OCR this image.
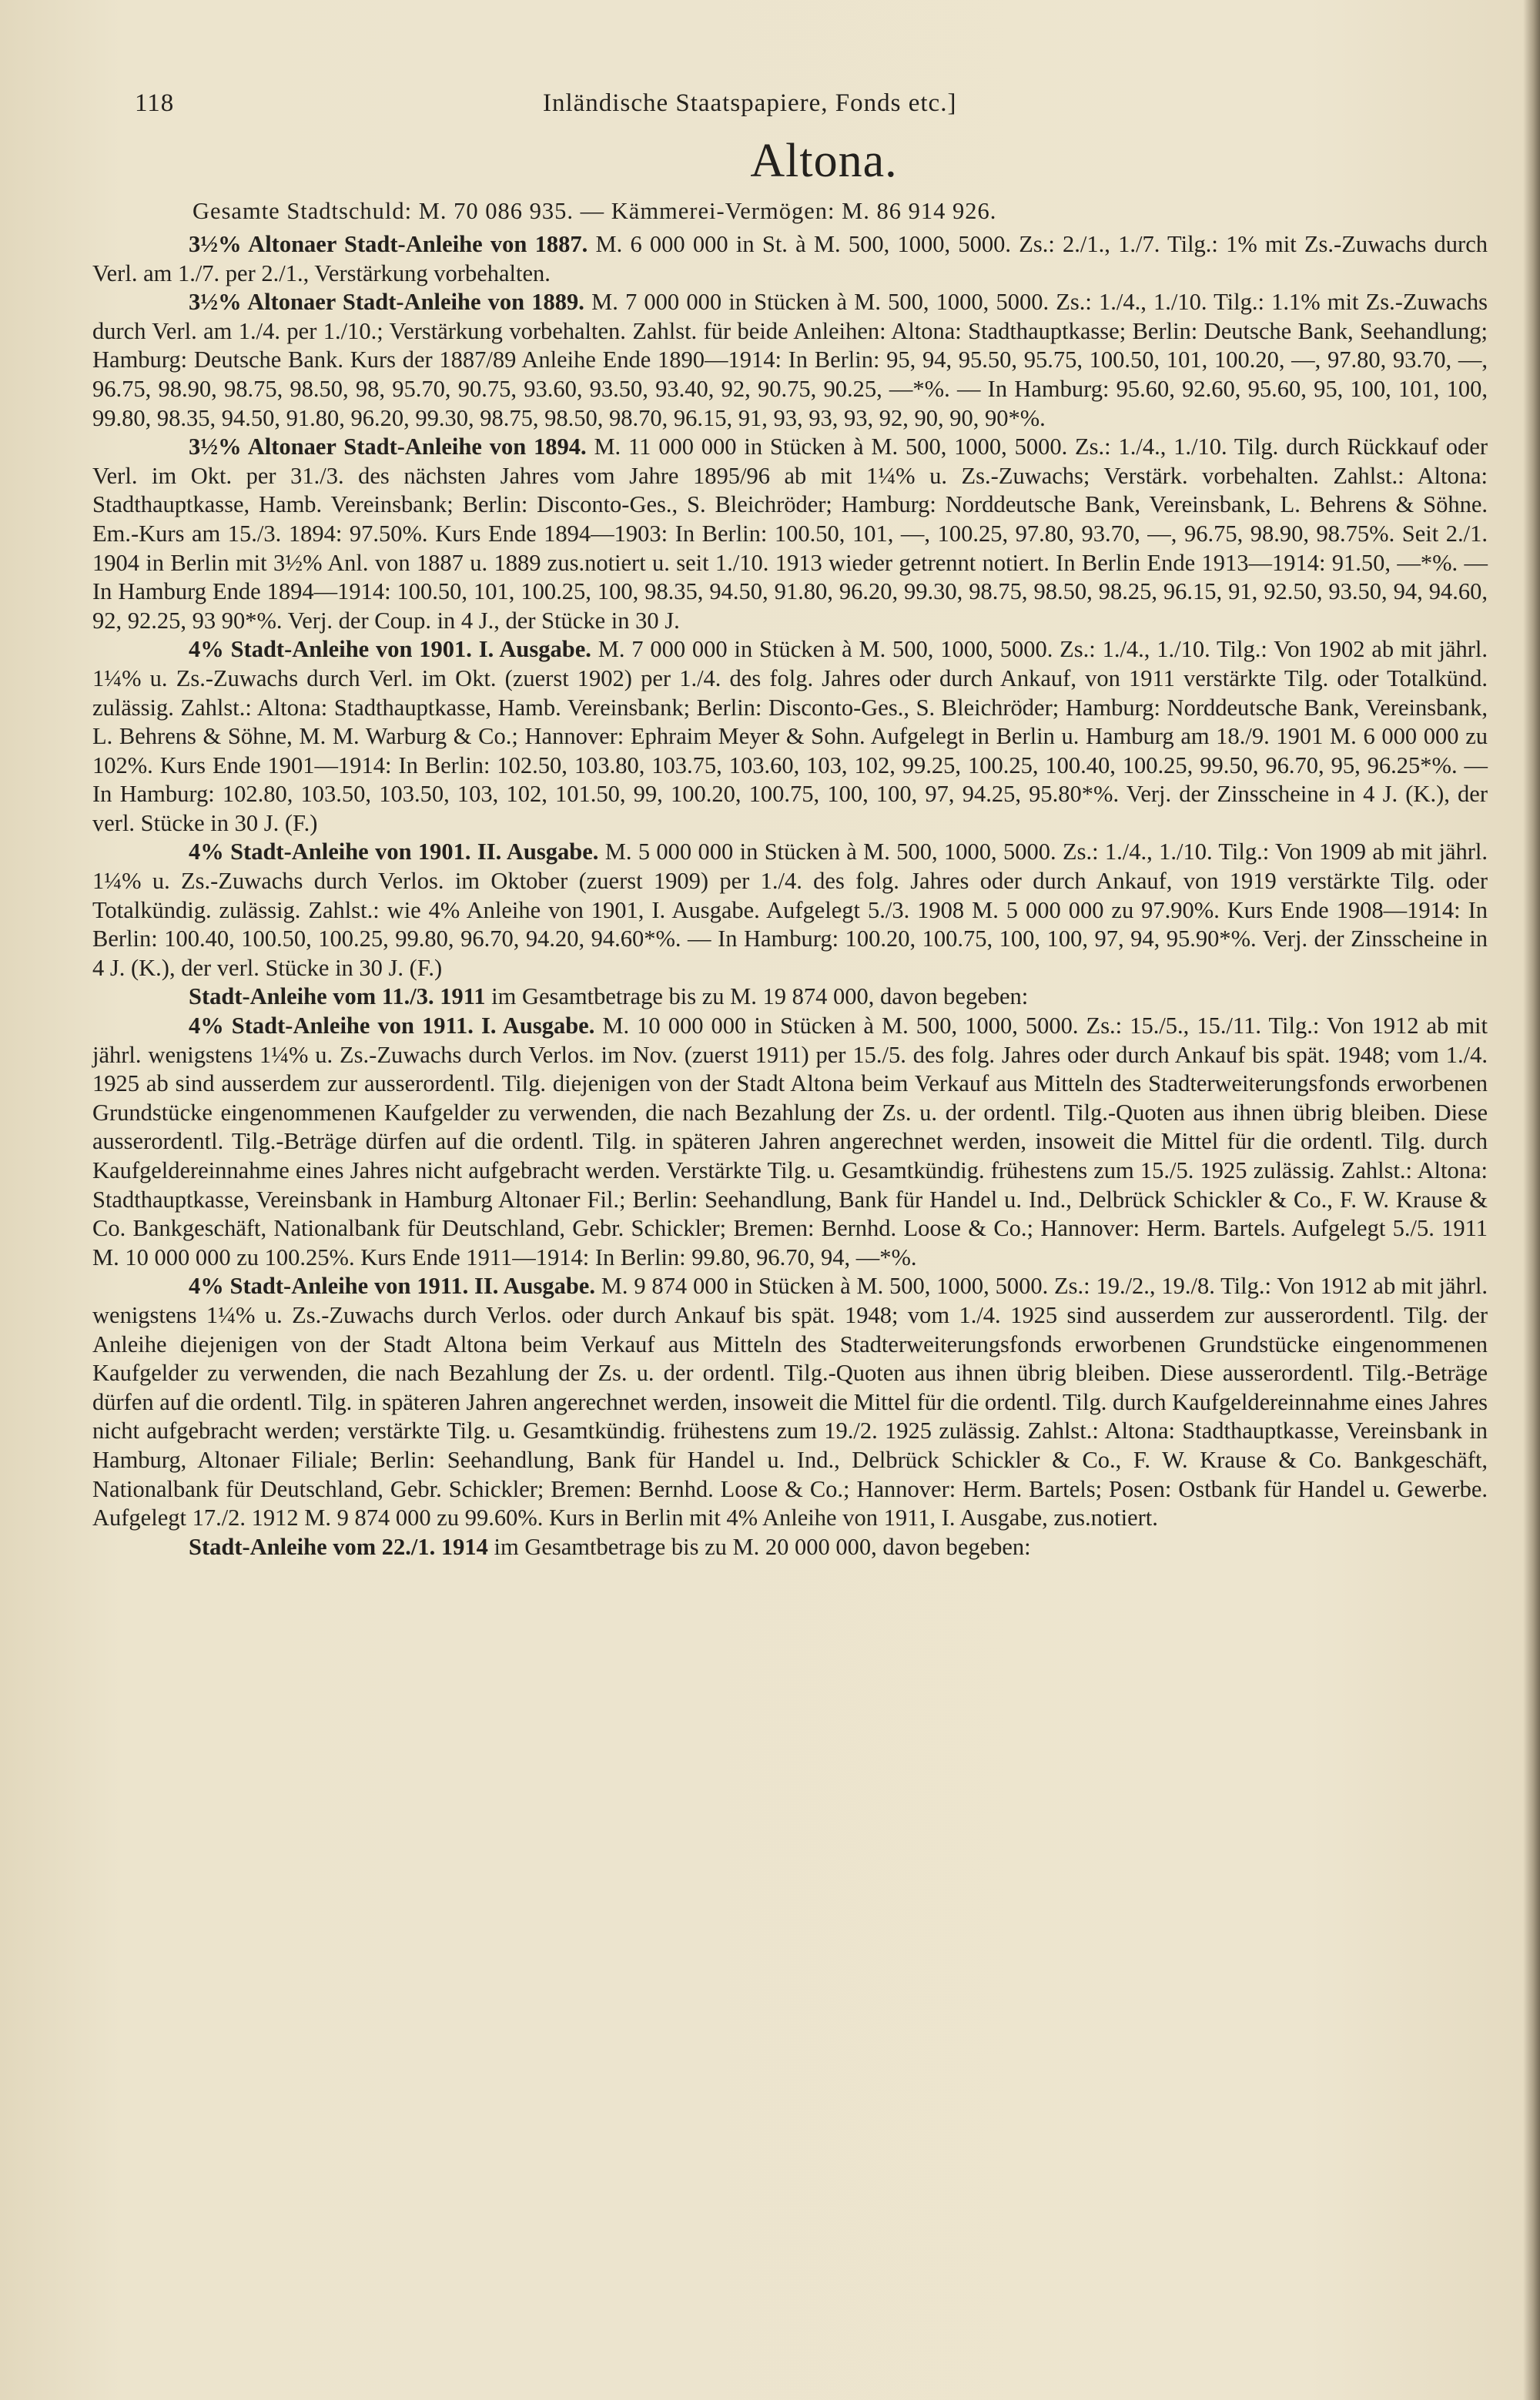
118	Inländische Staatspapiere, Fonds etc.]
Altona.

Gesamte Stadtschuld: M. 70 086 935. — Kämmerei-Vermögen: M. 86 914 926.

3½% Altonaer Stadt-Anleihe von 1887. M. 6 000 000 in St. à M. 500, 1000, 5000. Zs.: 2./1., 1./7. Tilg.: 1% mit Zs.-Zuwachs durch Verl. am 1./7. per 2./1., Verstärkung vorbehalten.

3½% Altonaer Stadt-Anleihe von 1889. M. 7 000 000 in Stücken à M. 500, 1000, 5000. Zs.: 1./4., 1./10. Tilg.: 1.1% mit Zs.-Zuwachs durch Verl. am 1./4. per 1./10.; Verstärkung vorbehalten. Zahlst. für beide Anleihen: Altona: Stadthauptkasse; Berlin: Deutsche Bank, Seehandlung; Hamburg: Deutsche Bank. Kurs der 1887/89 Anleihe Ende 1890—1914: In Berlin: 95, 94, 95.50, 95.75, 100.50, 101, 100.20, —, 97.80, 93.70, —, 96.75, 98.90, 98.75, 98.50, 98, 95.70, 90.75, 93.60, 93.50, 93.40, 92, 90.75, 90.25, —*%. — In Hamburg: 95.60, 92.60, 95.60, 95, 100, 101, 100, 99.80, 98.35, 94.50, 91.80, 96.20, 99.30, 98.75, 98.50, 98.70, 96.15, 91, 93, 93, 93, 92, 90, 90, 90*%.

3½% Altonaer Stadt-Anleihe von 1894. M. 11 000 000 in Stücken à M. 500, 1000, 5000. Zs.: 1./4., 1./10. Tilg. durch Rückkauf oder Verl. im Okt. per 31./3. des nächsten Jahres vom Jahre 1895/96 ab mit 1¼% u. Zs.-Zuwachs; Verstärk. vorbehalten. Zahlst.: Altona: Stadthauptkasse, Hamb. Vereinsbank; Berlin: Disconto-Ges., S. Bleichröder; Hamburg: Norddeutsche Bank, Vereinsbank, L. Behrens & Söhne. Em.-Kurs am 15./3. 1894: 97.50%. Kurs Ende 1894—1903: In Berlin: 100.50, 101, —, 100.25, 97.80, 93.70, —, 96.75, 98.90, 98.75%. Seit 2./1. 1904 in Berlin mit 3½% Anl. von 1887 u. 1889 zus.notiert u. seit 1./10. 1913 wieder getrennt notiert. In Berlin Ende 1913—1914: 91.50, —*%. — In Hamburg Ende 1894—1914: 100.50, 101, 100.25, 100, 98.35, 94.50, 91.80, 96.20, 99.30, 98.75, 98.50, 98.25, 96.15, 91, 92.50, 93.50, 94, 94.60, 92, 92.25, 93 90*%. Verj. der Coup. in 4 J., der Stücke in 30 J.

4% Stadt-Anleihe von 1901. I. Ausgabe. M. 7 000 000 in Stücken à M. 500, 1000, 5000. Zs.: 1./4., 1./10. Tilg.: Von 1902 ab mit jährl. 1¼% u. Zs.-Zuwachs durch Verl. im Okt. (zuerst 1902) per 1./4. des folg. Jahres oder durch Ankauf, von 1911 verstärkte Tilg. oder Totalkünd. zulässig. Zahlst.: Altona: Stadthauptkasse, Hamb. Vereinsbank; Berlin: Disconto-Ges., S. Bleichröder; Hamburg: Norddeutsche Bank, Vereinsbank, L. Behrens & Söhne, M. M. Warburg & Co.; Hannover: Ephraim Meyer & Sohn. Aufgelegt in Berlin u. Hamburg am 18./9. 1901 M. 6 000 000 zu 102%. Kurs Ende 1901—1914: In Berlin: 102.50, 103.80, 103.75, 103.60, 103, 102, 99.25, 100.25, 100.40, 100.25, 99.50, 96.70, 95, 96.25*%. — In Hamburg: 102.80, 103.50, 103.50, 103, 102, 101.50, 99, 100.20, 100.75, 100, 100, 97, 94.25, 95.80*%. Verj. der Zinsscheine in 4 J. (K.), der verl. Stücke in 30 J. (F.)

4% Stadt-Anleihe von 1901. II. Ausgabe. M. 5 000 000 in Stücken à M. 500, 1000, 5000. Zs.: 1./4., 1./10. Tilg.: Von 1909 ab mit jährl. 1¼% u. Zs.-Zuwachs durch Verlos. im Oktober (zuerst 1909) per 1./4. des folg. Jahres oder durch Ankauf, von 1919 verstärkte Tilg. oder Totalkündig. zulässig. Zahlst.: wie 4% Anleihe von 1901, I. Ausgabe. Aufgelegt 5./3. 1908 M. 5 000 000 zu 97.90%. Kurs Ende 1908—1914: In Berlin: 100.40, 100.50, 100.25, 99.80, 96.70, 94.20, 94.60*%. — In Hamburg: 100.20, 100.75, 100, 100, 97, 94, 95.90*%. Verj. der Zinsscheine in 4 J. (K.), der verl. Stücke in 30 J. (F.)

Stadt-Anleihe vom 11./3. 1911 im Gesamtbetrage bis zu M. 19 874 000, davon begeben:

4% Stadt-Anleihe von 1911. I. Ausgabe. M. 10 000 000 in Stücken à M. 500, 1000, 5000. Zs.: 15./5., 15./11. Tilg.: Von 1912 ab mit jährl. wenigstens 1¼% u. Zs.-Zuwachs durch Verlos. im Nov. (zuerst 1911) per 15./5. des folg. Jahres oder durch Ankauf bis spät. 1948; vom 1./4. 1925 ab sind ausserdem zur ausserordentl. Tilg. diejenigen von der Stadt Altona beim Verkauf aus Mitteln des Stadterweiterungsfonds erworbenen Grundstücke eingenommenen Kaufgelder zu verwenden, die nach Bezahlung der Zs. u. der ordentl. Tilg.-Quoten aus ihnen übrig bleiben. Diese ausserordentl. Tilg.-Beträge dürfen auf die ordentl. Tilg. in späteren Jahren angerechnet werden, insoweit die Mittel für die ordentl. Tilg. durch Kaufgeldereinnahme eines Jahres nicht aufgebracht werden. Verstärkte Tilg. u. Gesamtkündig. frühestens zum 15./5. 1925 zulässig. Zahlst.: Altona: Stadthauptkasse, Vereinsbank in Hamburg Altonaer Fil.; Berlin: Seehandlung, Bank für Handel u. Ind., Delbrück Schickler & Co., F. W. Krause & Co. Bankgeschäft, Nationalbank für Deutschland, Gebr. Schickler; Bremen: Bernhd. Loose & Co.; Hannover: Herm. Bartels. Aufgelegt 5./5. 1911 M. 10 000 000 zu 100.25%. Kurs Ende 1911—1914: In Berlin: 99.80, 96.70, 94, —*%.

4% Stadt-Anleihe von 1911. II. Ausgabe. M. 9 874 000 in Stücken à M. 500, 1000, 5000. Zs.: 19./2., 19./8. Tilg.: Von 1912 ab mit jährl. wenigstens 1¼% u. Zs.-Zuwachs durch Verlos. oder durch Ankauf bis spät. 1948; vom 1./4. 1925 sind ausserdem zur ausserordentl. Tilg. der Anleihe diejenigen von der Stadt Altona beim Verkauf aus Mitteln des Stadterweiterungsfonds erworbenen Grundstücke eingenommenen Kaufgelder zu verwenden, die nach Bezahlung der Zs. u. der ordentl. Tilg.-Quoten aus ihnen übrig bleiben. Diese ausserordentl. Tilg.-Beträge dürfen auf die ordentl. Tilg. in späteren Jahren angerechnet werden, insoweit die Mittel für die ordentl. Tilg. durch Kaufgeldereinnahme eines Jahres nicht aufgebracht werden; verstärkte Tilg. u. Gesamtkündig. frühestens zum 19./2. 1925 zulässig. Zahlst.: Altona: Stadthauptkasse, Vereinsbank in Hamburg, Altonaer Filiale; Berlin: Seehandlung, Bank für Handel u. Ind., Delbrück Schickler & Co., F. W. Krause & Co. Bankgeschäft, Nationalbank für Deutschland, Gebr. Schickler; Bremen: Bernhd. Loose & Co.; Hannover: Herm. Bartels; Posen: Ostbank für Handel u. Gewerbe. Aufgelegt 17./2. 1912 M. 9 874 000 zu 99.60%. Kurs in Berlin mit 4% Anleihe von 1911, I. Ausgabe, zus.notiert.

Stadt-Anleihe vom 22./1. 1914 im Gesamtbetrage bis zu M. 20 000 000, davon begeben:
